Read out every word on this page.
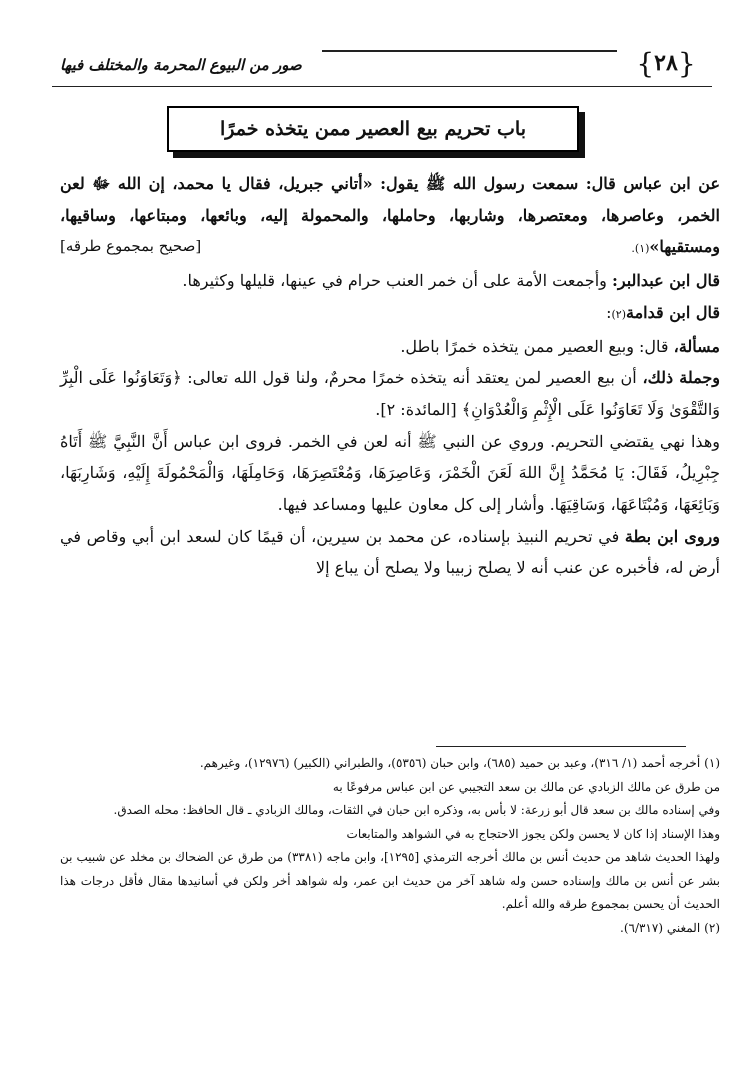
{ ٢٨ }
صور من البيوع المحرمة والمختلف فيها
باب تحريم بيع العصير ممن يتخذه خمرًا

عن ابن عباس قال: سمعت رسول الله ﷺ يقول: «أتاني جبريل، فقال يا محمد، إن الله ﷻ لعن الخمر، وعاصرها، ومعتصرها، وشاربها، وحاملها، والمحمولة إليه، وبائعها، ومبتاعها، وساقيها، ومستقيها»(١).
[صحيح بمجموع طرقه]

قال ابن عبدالبر: وأجمعت الأمة على أن خمر العنب حرام في عينها، قليلها وكثيرها.

قال ابن قدامة(٢):

مسألة، قال: وبيع العصير ممن يتخذه خمرًا باطل.

وجملة ذلك، أن بيع العصير لمن يعتقد أنه يتخذه خمرًا محرمٌ، ولنا قول الله تعالى: ﴿وَتَعَاوَنُوا عَلَى الْبِرِّ وَالتَّقْوَىٰ وَلَا تَعَاوَنُوا عَلَى الْإِثْمِ وَالْعُدْوَانِ﴾ [المائدة: ٢].

وهذا نهي يقتضي التحريم. وروي عن النبي ﷺ أنه لعن في الخمر. فروى ابن عباس أَنَّ النَّبِيَّ ﷺ أَتَاهُ جِبْرِيلُ، فَقَالَ: يَا مُحَمَّدُ إِنَّ اللهَ لَعَنَ الْخَمْرَ، وَعَاصِرَهَا، وَمُعْتَصِرَهَا، وَحَامِلَهَا، وَالْمَحْمُولَةَ إِلَيْهِ، وَشَارِبَهَا، وَبَائِعَهَا، وَمُبْتَاعَهَا، وَسَاقِيَهَا. وأشار إلى كل معاون عليها ومساعد فيها.

وروى ابن بطة في تحريم النبيذ بإسناده، عن محمد بن سيرين، أن قيمًا كان لسعد ابن أبي وقاص في أرض له، فأخبره عن عنب أنه لا يصلح زبيبا ولا يصلح أن يباع إلا

(١)أخرجه أحمد (١/ ٣١٦)، وعبد بن حميد (٦٨٥)، وابن حبان (٥٣٥٦)، والطبراني (الكبير) (١٢٩٧٦)، وغيرهم.

من طرق عن مالك الزبادي عن مالك بن سعد التجيبي عن ابن عباس مرفوعًا به

وفي إسناده مالك بن سعد قال أبو زرعة: لا بأس به، وذكره ابن حبان في الثقات، ومالك الزبادي ـ قال الحافظ: محله الصدق.

وهذا الإسناد إذا كان لا يحسن ولكن يجوز الاحتجاج به في الشواهد والمتابعات

ولهذا الحديث شاهد من حديث أنس بن مالك أخرجه الترمذي [١٢٩٥]، وابن ماجه (٣٣٨١) من طرق عن الضحاك بن مخلد عن شبيب بن بشر عن أنس بن مالك وإسناده حسن وله شاهد آخر من حديث ابن عمر، وله شواهد أخر ولكن في أسانيدها مقال فأقل درجات هذا الحديث أن يحسن بمجموع طرقه والله أعلم.

(٢)المغني (٦/٣١٧).
